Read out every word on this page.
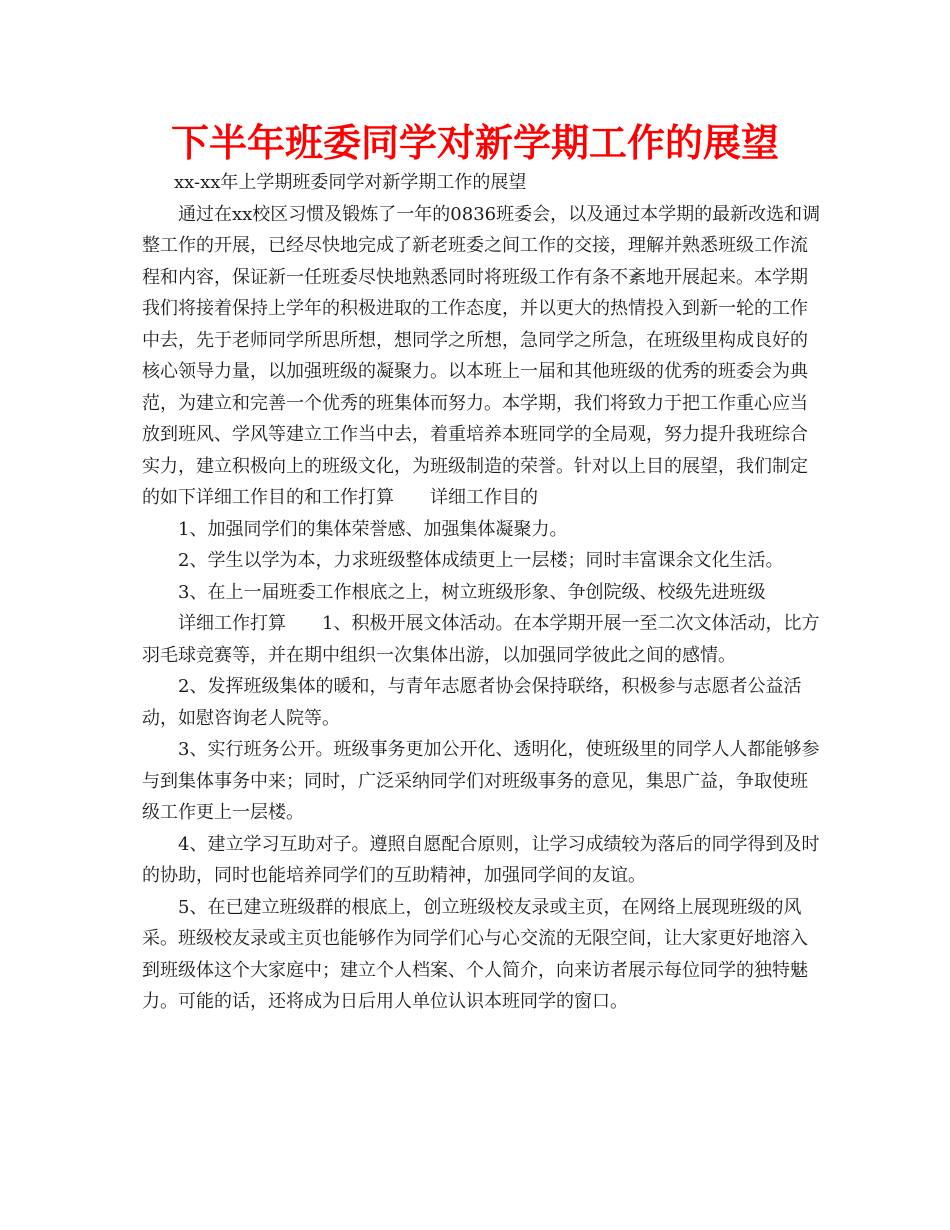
下半年班委同学对新学期工作的展望

xx-xx年上学期班委同学对新学期工作的展望

通过在xx校区习惯及锻炼了一年的0836班委会，以及通过本学期的最新改选和调整工作的开展，已经尽快地完成了新老班委之间工作的交接，理解并熟悉班级工作流程和内容，保证新一任班委尽快地熟悉同时将班级工作有条不紊地开展起来。本学期我们将接着保持上学年的积极进取的工作态度，并以更大的热情投入到新一轮的工作中去，先于老师同学所思所想，想同学之所想，急同学之所急，在班级里构成良好的核心领导力量，以加强班级的凝聚力。以本班上一届和其他班级的优秀的班委会为典范，为建立和完善一个优秀的班集体而努力。本学期，我们将致力于把工作重心应当放到班风、学风等建立工作当中去，着重培养本班同学的全局观，努力提升我班综合实力，建立积极向上的班级文化，为班级制造的荣誉。针对以上目的展望，我们制定的如下详细工作目的和工作打算 详细工作目的

1、加强同学们的集体荣誉感、加强集体凝聚力。

2、学生以学为本，力求班级整体成绩更上一层楼；同时丰富课余文化生活。

3、在上一届班委工作根底之上，树立班级形象、争创院级、校级先进班级

详细工作打算 1、积极开展文体活动。在本学期开展一至二次文体活动，比方羽毛球竞赛等，并在期中组织一次集体出游，以加强同学彼此之间的感情。

2、发挥班级集体的暖和，与青年志愿者协会保持联络，积极参与志愿者公益活动，如慰咨询老人院等。

3、实行班务公开。班级事务更加公开化、透明化，使班级里的同学人人都能够参与到集体事务中来；同时，广泛采纳同学们对班级事务的意见，集思广益，争取使班级工作更上一层楼。

4、建立学习互助对子。遵照自愿配合原则，让学习成绩较为落后的同学得到及时的协助，同时也能培养同学们的互助精神，加强同学间的友谊。

5、在已建立班级群的根底上，创立班级校友录或主页，在网络上展现班级的风采。班级校友录或主页也能够作为同学们心与心交流的无限空间，让大家更好地溶入到班级体这个大家庭中；建立个人档案、个人简介，向来访者展示每位同学的独特魅力。可能的话，还将成为日后用人单位认识本班同学的窗口。
